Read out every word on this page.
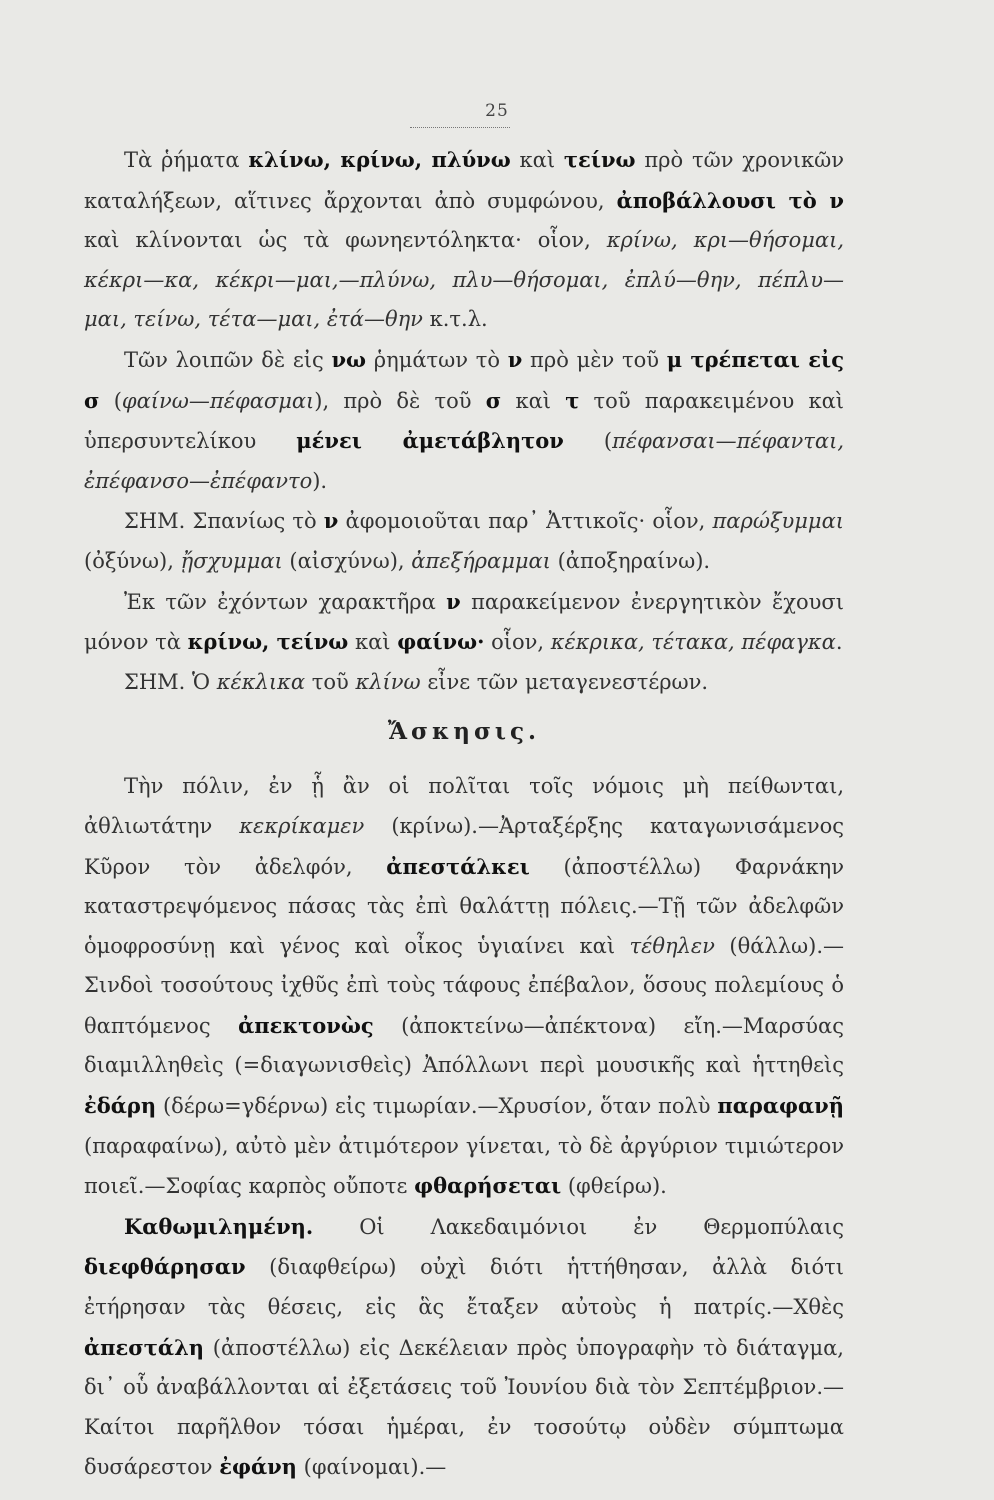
25

Τὰ ῥήματα κλίνω, κρίνω, πλύνω καὶ τείνω πρὸ τῶν χρονικῶν καταλήξεων, αἵτινες ἄρχονται ἀπὸ συμφώνου, ἀποβάλλουσι τὸ ν καὶ κλίνονται ὡς τὰ φωνηεντόληκτα· οἷον, κρίνω, κρι—θήσομαι, κέκρι—κα, κέκρι—μαι,—πλύνω, πλυ—θήσομαι, ἐπλύ—θην, πέπλυ—μαι, τείνω, τέτα—μαι, ἐτά—θην κ.τ.λ.

Τῶν λοιπῶν δὲ εἰς νω ῥημάτων τὸ ν πρὸ μὲν τοῦ μ τρέπεται εἰς σ (φαίνω—πέφασμαι), πρὸ δὲ τοῦ σ καὶ τ τοῦ παρακειμένου καὶ ὑπερσυντελίκου μένει ἀμετάβλητον (πέφανσαι—πέφανται, ἐπέφανσο—ἐπέφαντο).

ΣΗΜ. Σπανίως τὸ ν ἀφομοιοῦται παρ᾽ Ἀττικοῖς· οἷον, παρώξυμμαι (ὀξύνω), ᾔσχυμμαι (αἰσχύνω), ἀπεξήραμμαι (ἀποξηραίνω).

Ἐκ τῶν ἐχόντων χαρακτῆρα ν παρακείμενον ἐνεργητικὸν ἔχουσι μόνον τὰ κρίνω, τείνω καὶ φαίνω· οἷον, κέκρικα, τέτακα, πέφαγκα.

ΣΗΜ. Ὁ κέκλικα τοῦ κλίνω εἶνε τῶν μεταγενεστέρων.

Ἄσκησις.

Τὴν πόλιν, ἐν ᾗ ἂν οἱ πολῖται τοῖς νόμοις μὴ πείθωνται, ἀθλιωτάτην κεκρίκαμεν (κρίνω).—Ἀρταξέρξης καταγωνισάμενος Κῦρον τὸν ἀδελφόν, ἀπεστάλκει (ἀποστέλλω) Φαρνάκην καταστρεψόμενος πάσας τὰς ἐπὶ θαλάττῃ πόλεις.—Τῇ τῶν ἀδελφῶν ὁμοφροσύνῃ καὶ γένος καὶ οἶκος ὑγιαίνει καὶ τέθηλεν (θάλλω).—Σινδοὶ τοσούτους ἰχθῦς ἐπὶ τοὺς τάφους ἐπέβαλον, ὅσους πολεμίους ὁ θαπτόμενος ἀπεκτονὼς (ἀποκτείνω—ἀπέκτονα) εἴη.—Μαρσύας διαμιλληθεὶς (=διαγωνισθεὶς) Ἀπόλλωνι περὶ μουσικῆς καὶ ἡττηθεὶς ἐδάρη (δέρω=γδέρνω) εἰς τιμωρίαν.—Χρυσίον, ὅταν πολὺ παραφανῇ (παραφαίνω), αὐτὸ μὲν ἀτιμότερον γίνεται, τὸ δὲ ἀργύριον τιμιώτερον ποιεῖ.—Σοφίας καρπὸς οὔποτε φθαρήσεται (φθείρω).

Καθωμιλημένη. Οἱ Λακεδαιμόνιοι ἐν Θερμοπύλαις διεφθάρησαν (διαφθείρω) οὐχὶ διότι ἡττήθησαν, ἀλλὰ διότι ἐτήρησαν τὰς θέσεις, εἰς ἃς ἔταξεν αὐτοὺς ἡ πατρίς.—Χθὲς ἀπεστάλη (ἀποστέλλω) εἰς Δεκέλειαν πρὸς ὑπογραφὴν τὸ διάταγμα, δι᾽ οὗ ἀναβάλλονται αἱ ἐξετάσεις τοῦ Ἰουνίου διὰ τὸν Σεπτέμβριον.—Καίτοι παρῆλθον τόσαι ἡμέραι, ἐν τοσούτῳ οὐδὲν σύμπτωμα δυσάρεστον ἐφάνη (φαίνομαι).—
